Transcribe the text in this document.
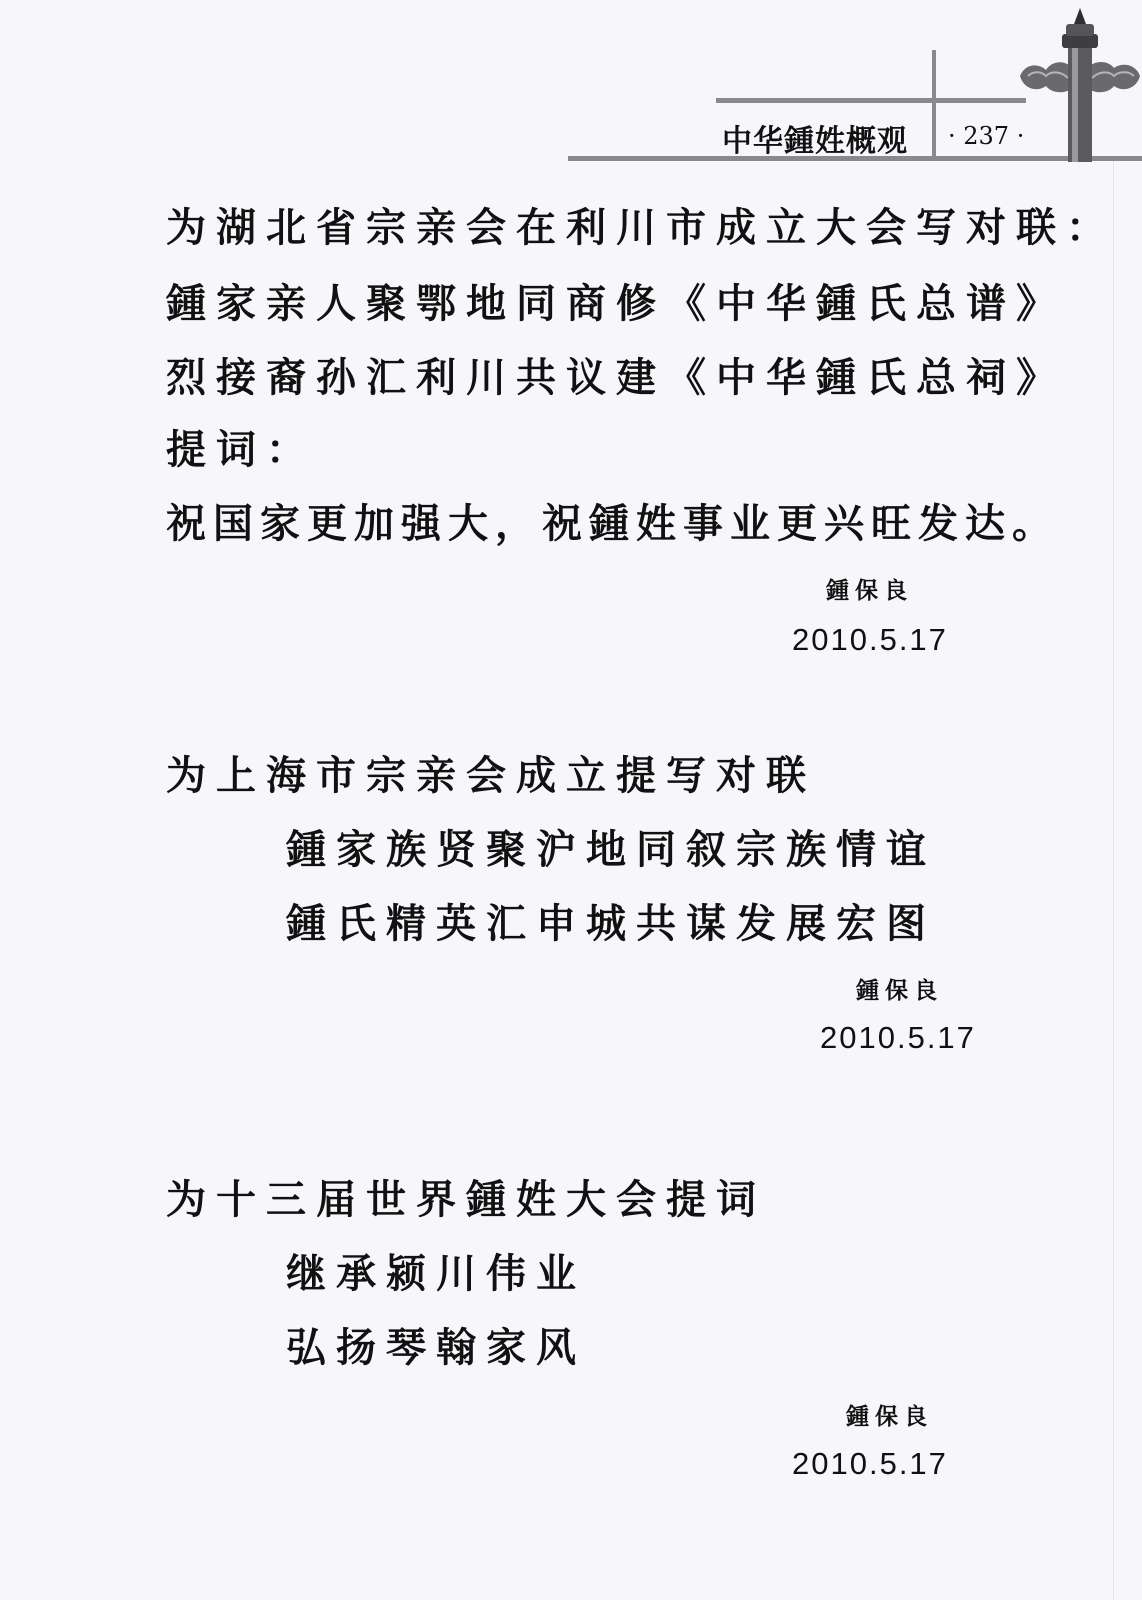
中华鍾姓概观 · 237 ·
为湖北省宗亲会在利川市成立大会写对联：
鍾家亲人聚鄂地同商修《中华鍾氏总谱》
烈接裔孙汇利川共议建《中华鍾氏总祠》
提词：
祝国家更加强大，祝鍾姓事业更兴旺发达。
鍾保良
2010.5.17
为上海市宗亲会成立提写对联
鍾家族贤聚沪地同叙宗族情谊
鍾氏精英汇申城共谋发展宏图
鍾保良
2010.5.17
为十三届世界鍾姓大会提词
继承颍川伟业
弘扬琴翰家风
鍾保良
2010.5.17
